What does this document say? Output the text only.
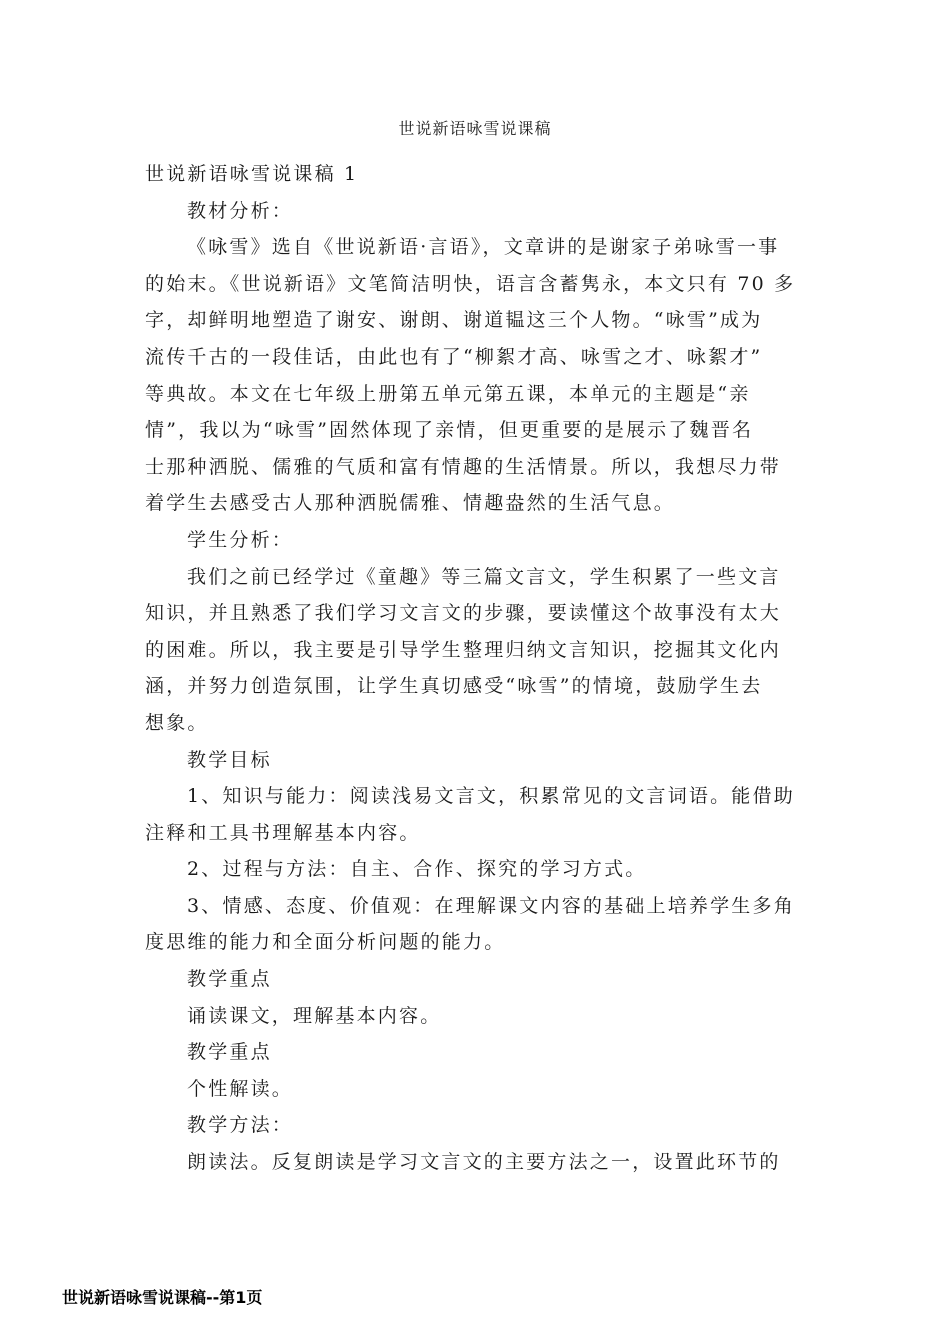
世说新语咏雪说课稿
世说新语咏雪说课稿 1
教材分析：
《咏雪》选自《世说新语·言语》，文章讲的是谢家子弟咏雪一事
的始末。《世说新语》文笔简洁明快，语言含蓄隽永，本文只有 70 多
字，却鲜明地塑造了谢安、谢朗、谢道韫这三个人物。“咏雪”成为
流传千古的一段佳话，由此也有了“柳絮才高、咏雪之才、咏絮才”
等典故。本文在七年级上册第五单元第五课，本单元的主题是“亲
情”，我以为“咏雪”固然体现了亲情，但更重要的是展示了魏晋名
士那种洒脱、儒雅的气质和富有情趣的生活情景。所以，我想尽力带
着学生去感受古人那种洒脱儒雅、情趣盎然的生活气息。
学生分析：
我们之前已经学过《童趣》等三篇文言文，学生积累了一些文言
知识，并且熟悉了我们学习文言文的步骤，要读懂这个故事没有太大
的困难。所以，我主要是引导学生整理归纳文言知识，挖掘其文化内
涵，并努力创造氛围，让学生真切感受“咏雪”的情境，鼓励学生去
想象。
教学目标
1、知识与能力：阅读浅易文言文，积累常见的文言词语。能借助
注释和工具书理解基本内容。
2、过程与方法：自主、合作、探究的学习方式。
3、情感、态度、价值观：在理解课文内容的基础上培养学生多角
度思维的能力和全面分析问题的能力。
教学重点
诵读课文，理解基本内容。
教学重点
个性解读。
教学方法：
朗读法。反复朗读是学习文言文的主要方法之一，设置此环节的
世说新语咏雪说课稿--第1页
